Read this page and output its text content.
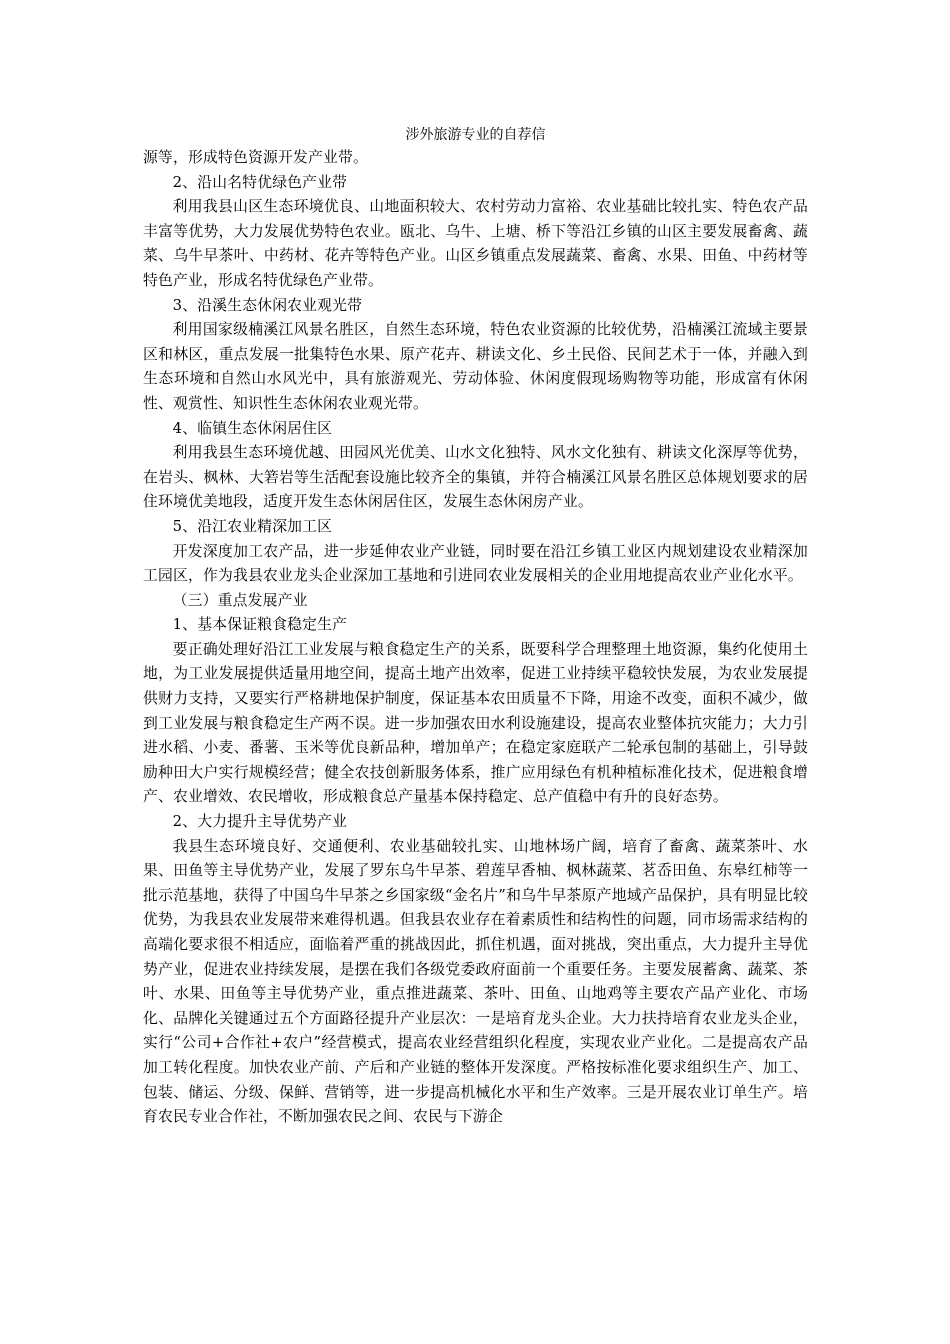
涉外旅游专业的自荐信

源等，形成特色资源开发产业带。

2、沿山名特优绿色产业带

利用我县山区生态环境优良、山地面积较大、农村劳动力富裕、农业基础比较扎实、特色农产品丰富等优势，大力发展优势特色农业。瓯北、乌牛、上塘、桥下等沿江乡镇的山区主要发展畜禽、蔬菜、乌牛早茶叶、中药材、花卉等特色产业。山区乡镇重点发展蔬菜、畜禽、水果、田鱼、中药材等特色产业，形成名特优绿色产业带。

3、沿溪生态休闲农业观光带

利用国家级楠溪江风景名胜区，自然生态环境，特色农业资源的比较优势，沿楠溪江流域主要景区和林区，重点发展一批集特色水果、原产花卉、耕读文化、乡土民俗、民间艺术于一体，并融入到生态环境和自然山水风光中，具有旅游观光、劳动体验、休闲度假现场购物等功能，形成富有休闲性、观赏性、知识性生态休闲农业观光带。

4、临镇生态休闲居住区

利用我县生态环境优越、田园风光优美、山水文化独特、风水文化独有、耕读文化深厚等优势，在岩头、枫林、大箬岩等生活配套设施比较齐全的集镇，并符合楠溪江风景名胜区总体规划要求的居住环境优美地段，适度开发生态休闲居住区，发展生态休闲房产业。

5、沿江农业精深加工区

开发深度加工农产品，进一步延伸农业产业链，同时要在沿江乡镇工业区内规划建设农业精深加工园区，作为我县农业龙头企业深加工基地和引进同农业发展相关的企业用地提高农业产业化水平。

（三）重点发展产业

1、基本保证粮食稳定生产

要正确处理好沿江工业发展与粮食稳定生产的关系，既要科学合理整理土地资源，集约化使用土地，为工业发展提供适量用地空间，提高土地产出效率，促进工业持续平稳较快发展，为农业发展提供财力支持，又要实行严格耕地保护制度，保证基本农田质量不下降，用途不改变，面积不减少，做到工业发展与粮食稳定生产两不误。进一步加强农田水利设施建设，提高农业整体抗灾能力；大力引进水稻、小麦、番薯、玉米等优良新品种，增加单产；在稳定家庭联产二轮承包制的基础上，引导鼓励种田大户实行规模经营；健全农技创新服务体系，推广应用绿色有机种植标准化技术，促进粮食增产、农业增效、农民增收，形成粮食总产量基本保持稳定、总产值稳中有升的良好态势。

2、大力提升主导优势产业

我县生态环境良好、交通便利、农业基础较扎实、山地林场广阔，培育了畜禽、蔬菜茶叶、水果、田鱼等主导优势产业，发展了罗东乌牛早茶、碧莲早香柚、枫林蔬菜、茗岙田鱼、东皋红柿等一批示范基地，获得了中国乌牛早茶之乡国家级“金名片”和乌牛早茶原产地域产品保护，具有明显比较优势，为我县农业发展带来难得机遇。但我县农业存在着素质性和结构性的问题，同市场需求结构的高端化要求很不相适应，面临着严重的挑战因此，抓住机遇，面对挑战，突出重点，大力提升主导优势产业，促进农业持续发展，是摆在我们各级党委政府面前一个重要任务。主要发展蓄禽、蔬菜、茶叶、水果、田鱼等主导优势产业，重点推进蔬菜、茶叶、田鱼、山地鸡等主要农产品产业化、市场化、品牌化关键通过五个方面路径提升产业层次：一是培育龙头企业。大力扶持培育农业龙头企业，实行“公司+合作社+农户”经营模式，提高农业经营组织化程度，实现农业产业化。二是提高农产品加工转化程度。加快农业产前、产后和产业链的整体开发深度。严格按标准化要求组织生产、加工、包装、储运、分级、保鲜、营销等，进一步提高机械化水平和生产效率。三是开展农业订单生产。培育农民专业合作社，不断加强农民之间、农民与下游企
